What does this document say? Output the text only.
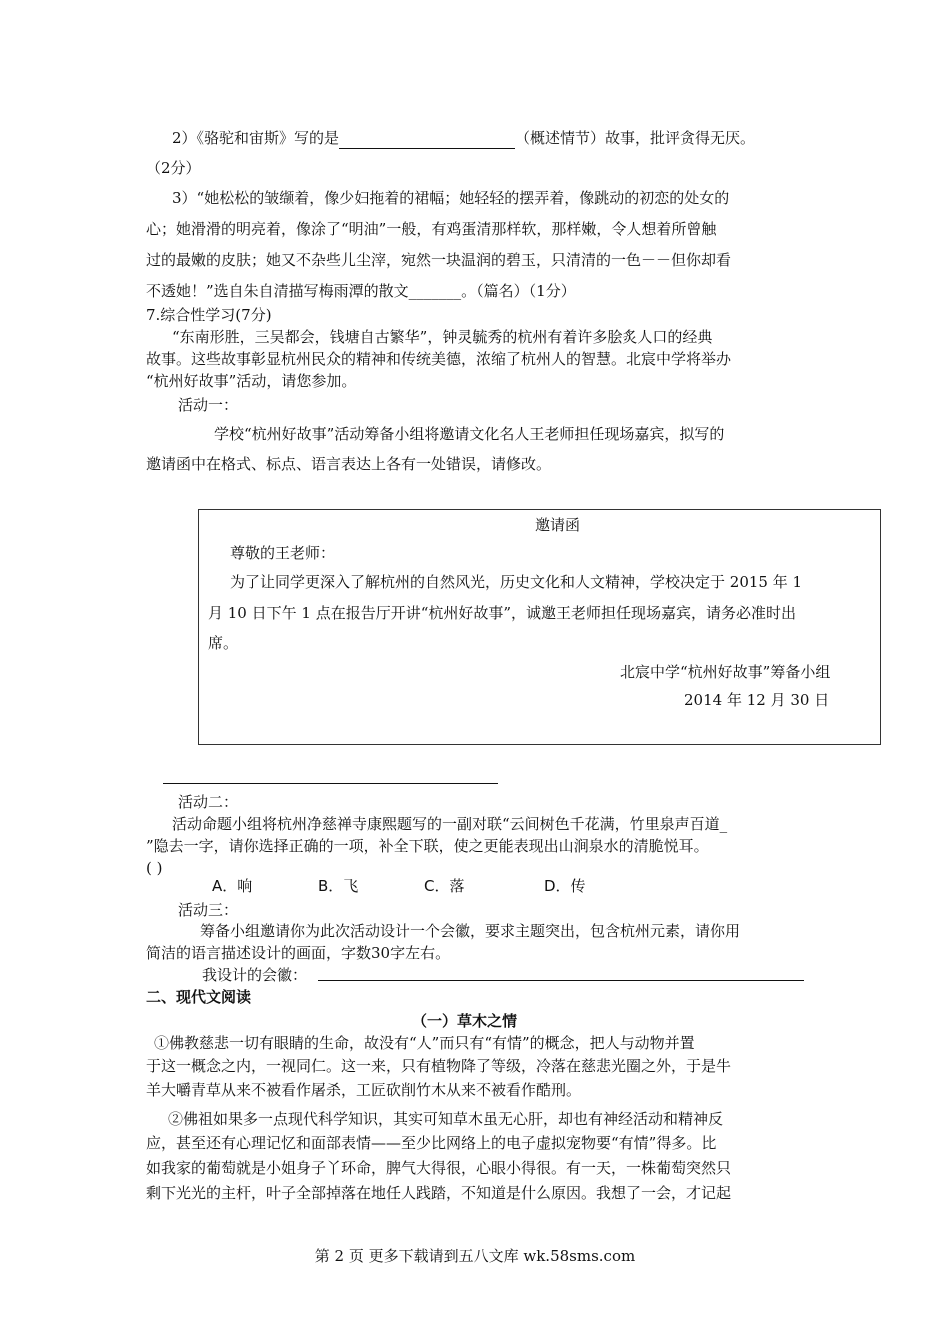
2）《骆驼和宙斯》写的是	（概述情节）故事，批评贪得无厌。
（2分）
3）“她松松的皱缬着，像少妇拖着的裙幅；她轻轻的摆弄着，像跳动的初恋的处女的
心；她滑滑的明亮着，像涂了“明油”一般，有鸡蛋清那样软，那样嫩，令人想着所曾触
过的最嫩的皮肤；她又不杂些儿尘滓，宛然一块温润的碧玉，只清清的一色－－但你却看
不透她！”选自朱自清描写梅雨潭的散文_______。（篇名）（1分）
7.综合性学习(7分)
“东南形胜，三吴都会，钱塘自古繁华”，钟灵毓秀的杭州有着许多脍炙人口的经典
故事。这些故事彰显杭州民众的精神和传统美德，浓缩了杭州人的智慧。北宸中学将举办
“杭州好故事”活动，请您参加。
活动一：
学校“杭州好故事”活动筹备小组将邀请文化名人王老师担任现场嘉宾，拟写的
邀请函中在格式、标点、语言表达上各有一处错误，请修改。
邀请函
尊敬的王老师：
为了让同学更深入了解杭州的自然风光，历史文化和人文精神，学校决定于 2015 年 1
月 10 日下午 1 点在报告厅开讲“杭州好故事”，诚邀王老师担任现场嘉宾，请务必准时出
席。
北宸中学“杭州好故事”筹备小组
2014 年 12 月 30 日
活动二：
活动命题小组将杭州净慈禅寺康熙题写的一副对联“云间树色千花满，竹里泉声百道_
”隐去一字，请你选择正确的一项，补全下联，使之更能表现出山涧泉水的清脆悦耳。
( )
A．响	B．飞	C．落	D．传
活动三：
筹备小组邀请你为此次活动设计一个会徽，要求主题突出，包含杭州元素，请你用
简洁的语言描述设计的画面，字数30字左右。
我设计的会徽：
二、现代文阅读
（一）草木之情
①佛教慈悲一切有眼睛的生命，故没有“人”而只有“有情”的概念，把人与动物并置
于这一概念之内，一视同仁。这一来，只有植物降了等级，冷落在慈悲光圈之外，于是牛
羊大嚼青草从来不被看作屠杀，工匠砍削竹木从来不被看作酷刑。
②佛祖如果多一点现代科学知识，其实可知草木虽无心肝，却也有神经活动和精神反
应，甚至还有心理记忆和面部表情——至少比网络上的电子虚拟宠物要“有情”得多。比
如我家的葡萄就是小姐身子丫环命，脾气大得很，心眼小得很。有一天，一株葡萄突然只
剩下光光的主杆，叶子全部掉落在地任人践踏，不知道是什么原因。我想了一会，才记起
第 2 页 更多下载请到五八文库 wk.58sms.com
